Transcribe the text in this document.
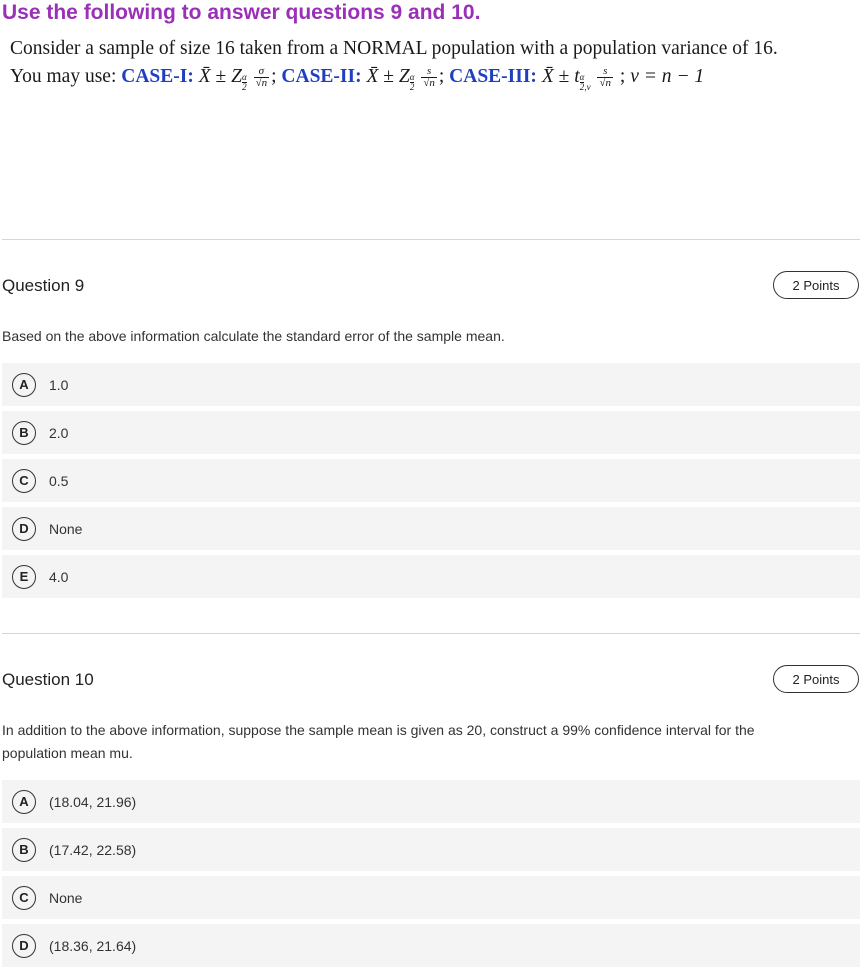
Use the following to answer questions 9 and 10.

Consider a sample of size 16 taken from a NORMAL population with a population variance of 16.

You may use: CASE-I: X̄ ± Z $\frac{\alpha}{2}$
$\frac{\sigma}{√n}$ ; CASE-II: X̄ ± Z $\frac{\alpha}{2}$
$\frac{s}{√n}$ ; CASE-III: X̄ ± t $\frac{\alpha}{2} ,\nu \frac{s}{√n}$ ; ν = n − 1

Question 9	2 Points
Based on the above information calculate the standard error of the sample mean.
A	1.0
B	2.0
C	0.5
D	None
E	4.0
Question 10	2 Points
In addition to the above information, suppose the sample mean is given as 20, construct a 99% confidence interval for the population mean mu.
A	(18.04, 21.96)
B	(17.42, 22.58)
C	None
D	(18.36, 21.64)
